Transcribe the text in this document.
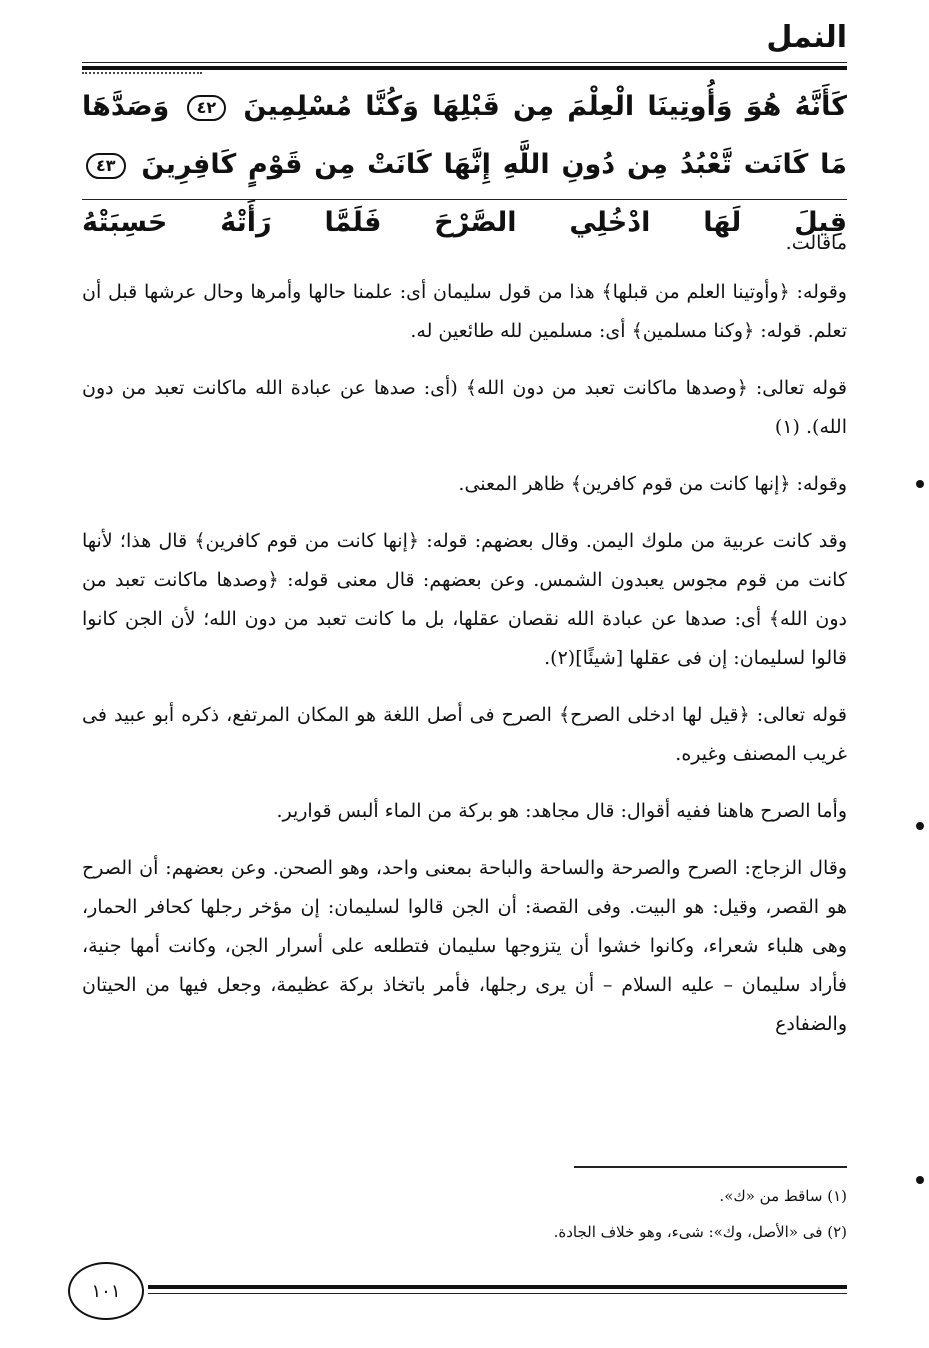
النمل
كَأَنَّهُ هُوَ وَأُوتِينَا الْعِلْمَ مِن قَبْلِهَا وَكُنَّا مُسْلِمِينَ ٤٢ وَصَدَّهَا مَا كَانَت تَّعْبُدُ مِن دُونِ اللَّهِ إِنَّهَا كَانَتْ مِن قَوْمٍ كَافِرِينَ ٤٣ قِيلَ لَهَا ادْخُلِي الصَّرْحَ فَلَمَّا رَأَتْهُ حَسِبَتْهُ

ماقالت.

وقوله: ﴿وأوتينا العلم من قبلها﴾ هذا من قول سليمان أى: علمنا حالها وأمرها وحال عرشها قبل أن تعلم. قوله: ﴿وكنا مسلمين﴾ أى: مسلمين لله طائعين له.

قوله تعالى: ﴿وصدها ماكانت تعبد من دون الله﴾ (أى: صدها عن عبادة الله ماكانت تعبد من دون الله). (١)

وقوله: ﴿إنها كانت من قوم كافرين﴾ ظاهر المعنى.

وقد كانت عربية من ملوك اليمن. وقال بعضهم: قوله: ﴿إنها كانت من قوم كافرين﴾ قال هذا؛ لأنها كانت من قوم مجوس يعبدون الشمس. وعن بعضهم: قال معنى قوله: ﴿وصدها ماكانت تعبد من دون الله﴾ أى: صدها عن عبادة الله نقصان عقلها، بل ما كانت تعبد من دون الله؛ لأن الجن كانوا قالوا لسليمان: إن فى عقلها [شيئًا](٢).

قوله تعالى: ﴿قيل لها ادخلى الصرح﴾ الصرح فى أصل اللغة هو المكان المرتفع، ذكره أبو عبيد فى غريب المصنف وغيره.

وأما الصرح هاهنا ففيه أقوال: قال مجاهد: هو بركة من الماء ألبس قوارير.

وقال الزجاج: الصرح والصرحة والساحة والباحة بمعنى واحد، وهو الصحن. وعن بعضهم: أن الصرح هو القصر، وقيل: هو البيت. وفى القصة: أن الجن قالوا لسليمان: إن مؤخر رجلها كحافر الحمار، وهى هلباء شعراء، وكانوا خشوا أن يتزوجها سليمان فتطلعه على أسرار الجن، وكانت أمها جنية، فأراد سليمان – عليه السلام – أن يرى رجلها، فأمر باتخاذ بركة عظيمة، وجعل فيها من الحيتان والضفادع

(١) ساقط من «ك».

(٢) فى «الأصل، وك»: شىء، وهو خلاف الجادة.

١٠١
